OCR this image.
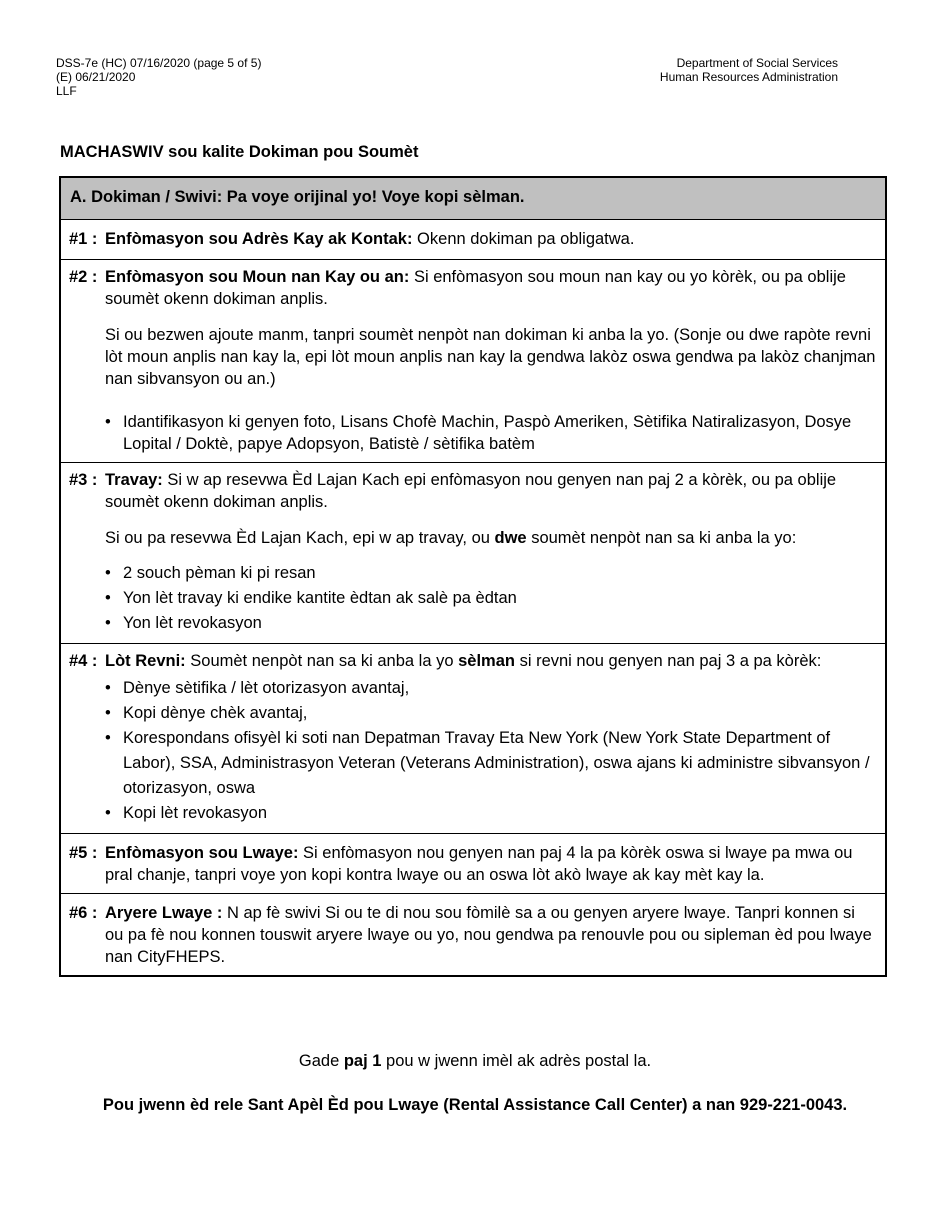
DSS-7e (HC) 07/16/2020 (page 5 of 5)
(E) 06/21/2020
LLF
Department of Social Services
Human Resources Administration
MACHASWIV sou kalite Dokiman pou Soumèt
A. Dokiman / Swivi: Pa voye orijinal yo! Voye kopi sèlman.
#1 : Enfòmasyon sou Adrès Kay ak Kontak: Okenn dokiman pa obligatwa.
#2 : Enfòmasyon sou Moun nan Kay ou an: Si enfòmasyon sou moun nan kay ou yo kòrèk, ou pa oblije soumèt okenn dokiman anplis.
Si ou bezwen ajoute manm, tanpri soumèt nenpòt nan dokiman ki anba la yo. (Sonje ou dwe rapòte revni lòt moun anplis nan kay la, epi lòt moun anplis nan kay la gendwa lakòz oswa gendwa pa lakòz chanjman nan sibvansyon ou an.)
• Idantifikasyon ki genyen foto, Lisans Chofè Machin, Paspò Ameriken, Sètifika Natiralizasyon, Dosye Lopital / Doktè, papye Adopsyon, Batistè / sètifika batèm
#3 : Travay: Si w ap resevwa Èd Lajan Kach epi enfòmasyon nou genyen nan paj 2 a kòrèk, ou pa oblije soumèt okenn dokiman anplis.
Si ou pa resevwa Èd Lajan Kach, epi w ap travay, ou dwe soumèt nenpòt nan sa ki anba la yo:
• 2 souch pèman ki pi resan
• Yon lèt travay ki endike kantite èdtan ak salè pa èdtan
• Yon lèt revokasyon
#4 : Lòt Revni: Soumèt nenpòt nan sa ki anba la yo sèlman si revni nou genyen nan paj 3 a pa kòrèk:
• Dènye sètifika / lèt otorizasyon avantaj,
• Kopi dènye chèk avantaj,
• Korespondans ofisyèl ki soti nan Depatman Travay Eta New York (New York State Department of Labor), SSA, Administrasyon Veteran (Veterans Administration), oswa ajans ki administre sibvansyon / otorizasyon, oswa
• Kopi lèt revokasyon
#5 : Enfòmasyon sou Lwaye: Si enfòmasyon nou genyen nan paj 4 la pa kòrèk oswa si lwaye pa mwa ou pral chanje, tanpri voye yon kopi kontra lwaye ou an oswa lòt akò lwaye ak kay mèt kay la.
#6 : Aryere Lwaye : N ap fè swivi Si ou te di nou sou fòmilè sa a ou genyen aryere lwaye. Tanpri konnen si ou pa fè nou konnen touswit aryere lwaye ou yo, nou gendwa pa renouvle pou ou sipleman èd pou lwaye nan CityFHEPS.
Gade paj 1 pou w jwenn imèl ak adrès postal la.
Pou jwenn èd rele Sant Apèl Èd pou Lwaye (Rental Assistance Call Center) a nan 929-221-0043.
